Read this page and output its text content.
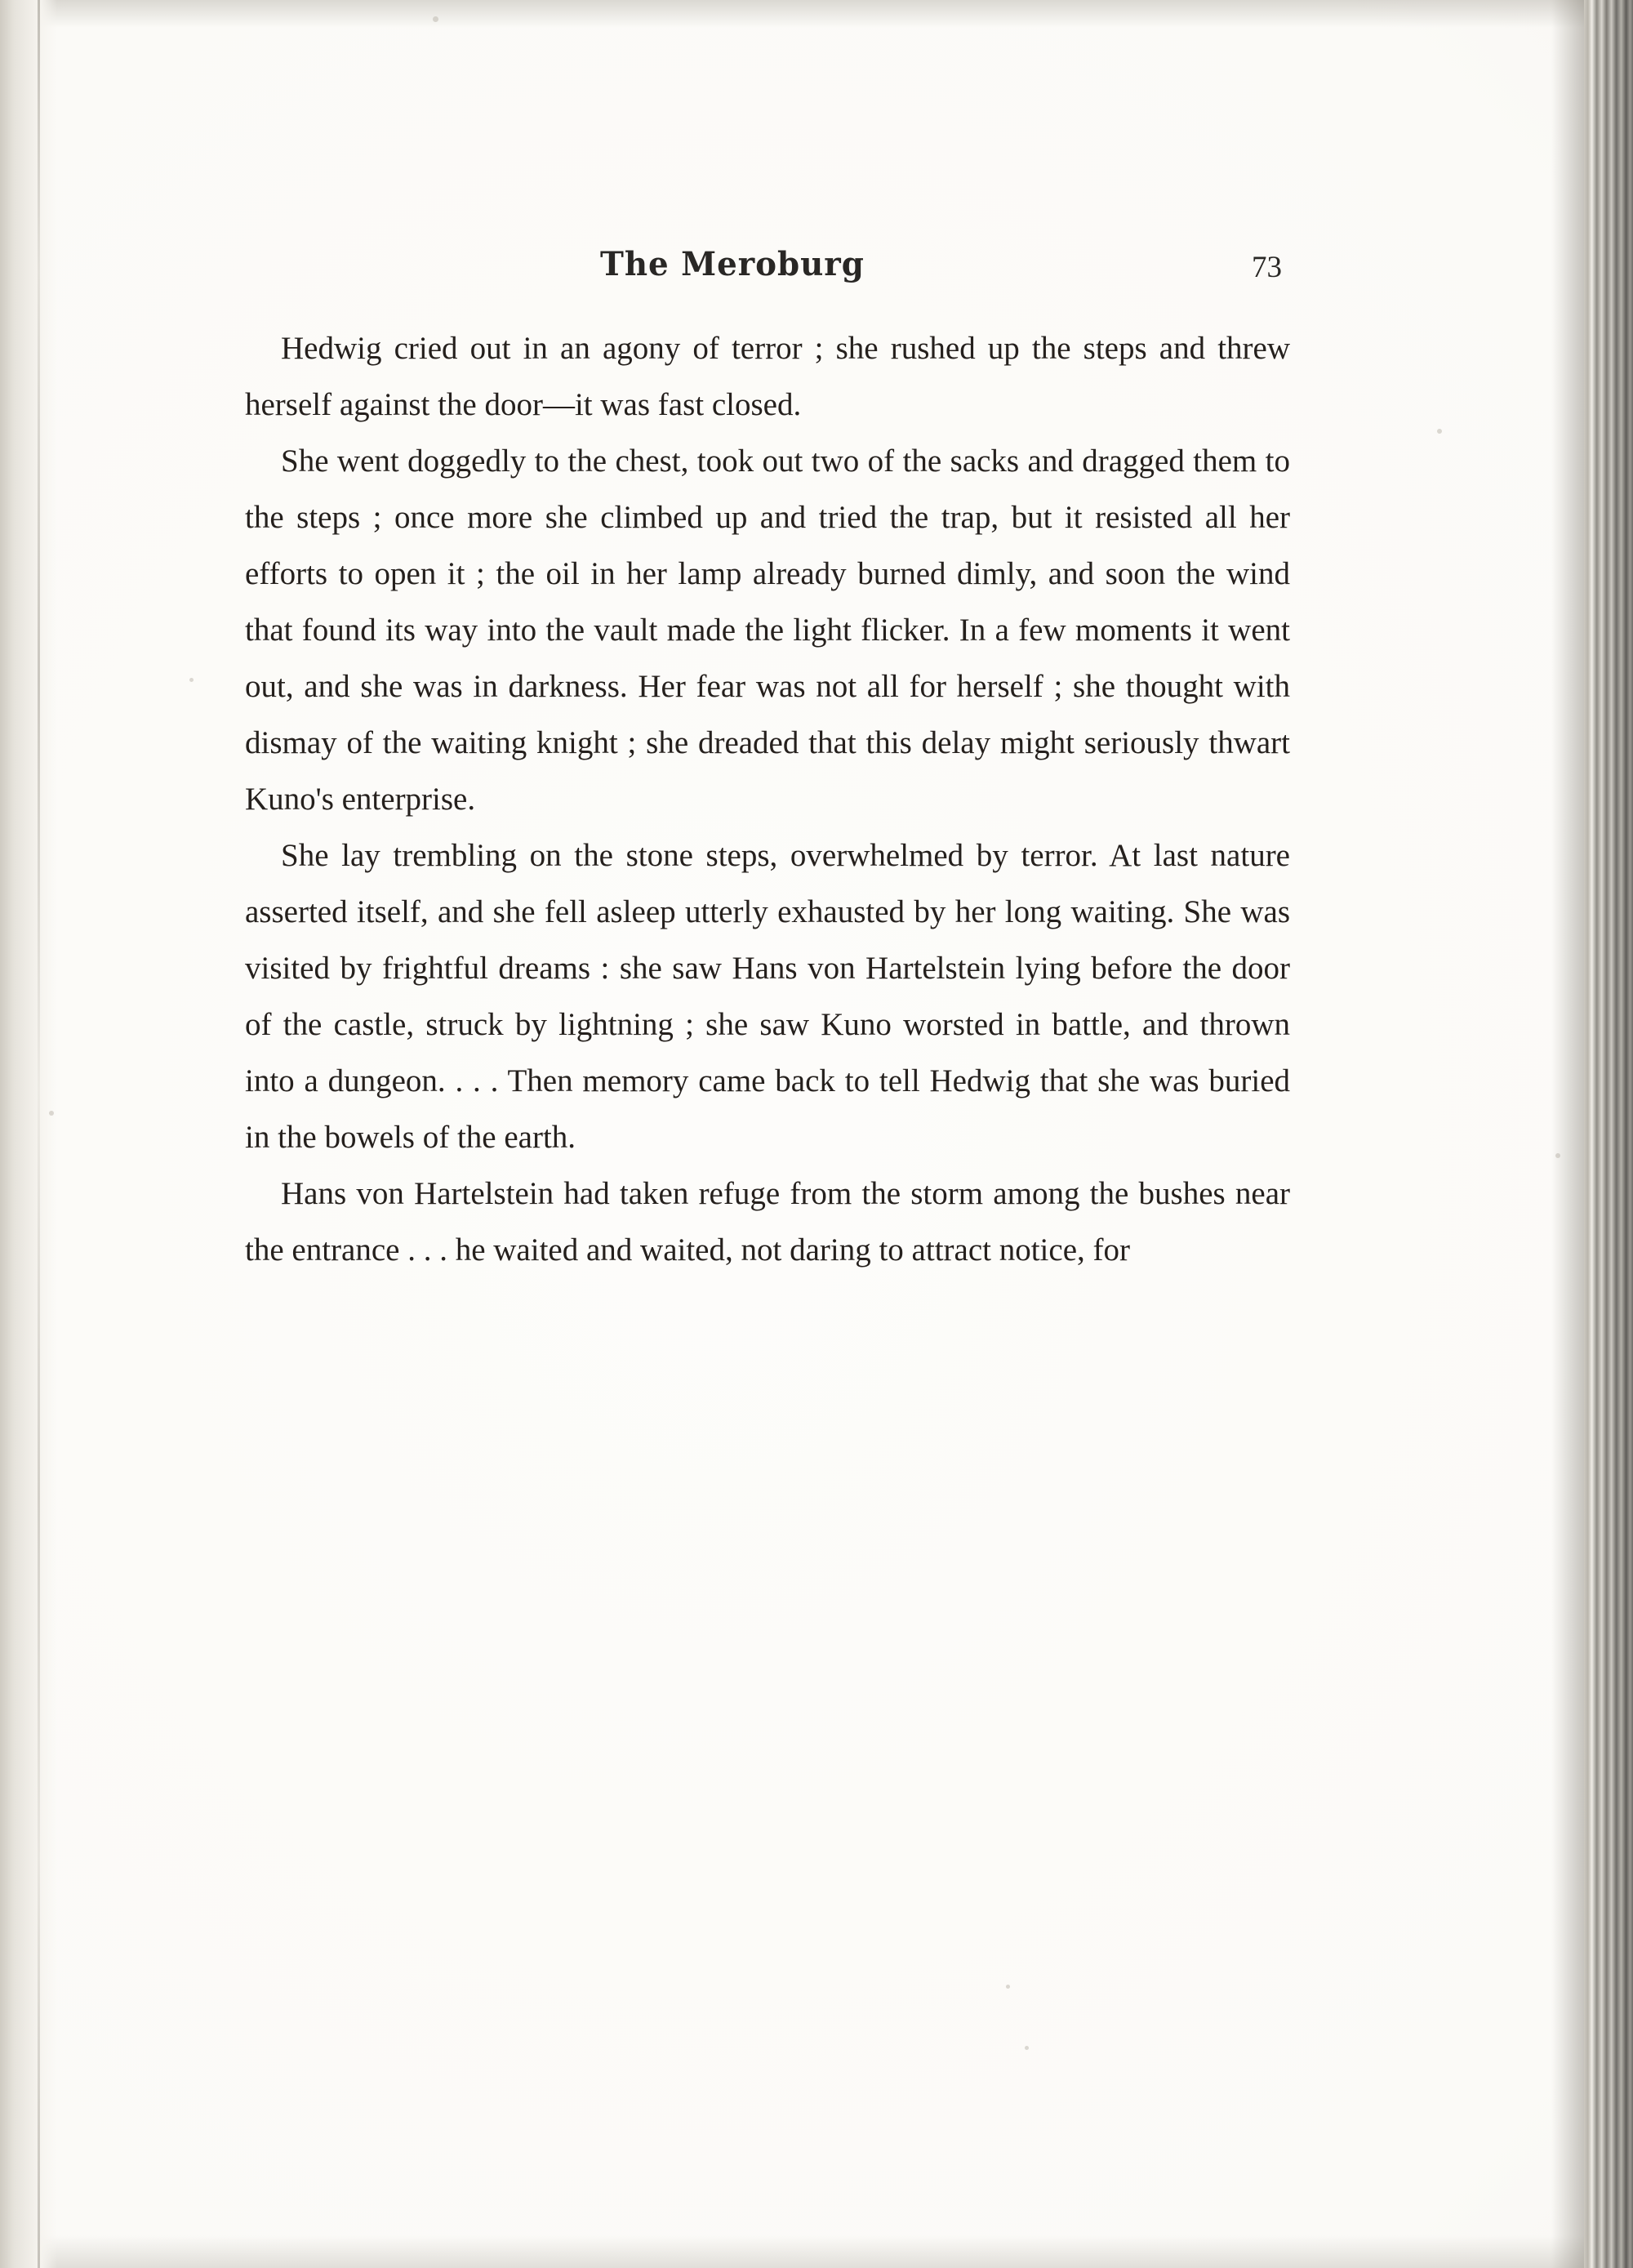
The Meroburg	73

Hedwig cried out in an agony of terror ; she rushed up the steps and threw herself against the door—it was fast closed.

She went doggedly to the chest, took out two of the sacks and dragged them to the steps ; once more she climbed up and tried the trap, but it resisted all her efforts to open it ; the oil in her lamp already burned dimly, and soon the wind that found its way into the vault made the light flicker. In a few moments it went out, and she was in darkness. Her fear was not all for herself ; she thought with dismay of the waiting knight ; she dreaded that this delay might seriously thwart Kuno's enterprise.

She lay trembling on the stone steps, overwhelmed by terror. At last nature asserted itself, and she fell asleep utterly exhausted by her long waiting. She was visited by frightful dreams : she saw Hans von Hartelstein lying before the door of the castle, struck by lightning ; she saw Kuno worsted in battle, and thrown into a dungeon. . . . Then memory came back to tell Hedwig that she was buried in the bowels of the earth.

Hans von Hartelstein had taken refuge from the storm among the bushes near the entrance . . . he waited and waited, not daring to attract notice, for
